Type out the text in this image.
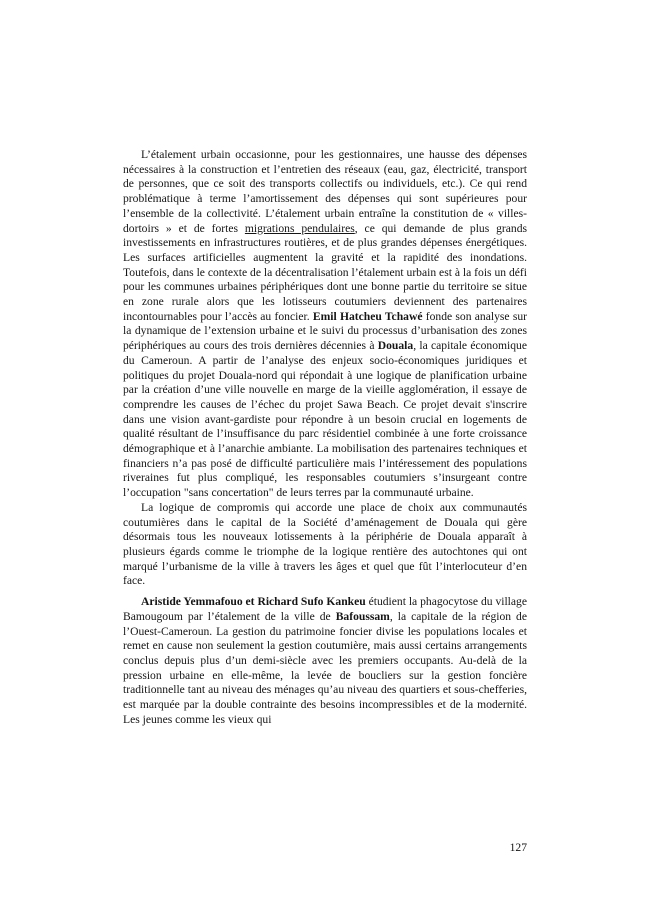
L’étalement urbain occasionne, pour les gestionnaires, une hausse des dépenses nécessaires à la construction et l’entretien des réseaux (eau, gaz, électricité, transport de personnes, que ce soit des transports collectifs ou individuels, etc.). Ce qui rend problématique à terme l’amortissement des dépenses qui sont supérieures pour l’ensemble de la collectivité. L’étalement urbain entraîne la constitution de « villes-dortoirs » et de fortes migrations pendulaires, ce qui demande de plus grands investissements en infrastructures routières, et de plus grandes dépenses énergétiques. Les surfaces artificielles augmentent la gravité et la rapidité des inondations. Toutefois, dans le contexte de la décentralisation l’étalement urbain est à la fois un défi pour les communes urbaines périphériques dont une bonne partie du territoire se situe en zone rurale alors que les lotisseurs coutumiers deviennent des partenaires incontournables pour l’accès au foncier. Emil Hatcheu Tchawé fonde son analyse sur la dynamique de l’extension urbaine et le suivi du processus d’urbanisation des zones périphériques au cours des trois dernières décennies à Douala, la capitale économique du Cameroun. A partir de l’analyse des enjeux socio-économiques juridiques et politiques du projet Douala-nord qui répondait à une logique de planification urbaine par la création d’une ville nouvelle en marge de la vieille agglomération, il essaye de comprendre les causes de l’échec du projet Sawa Beach. Ce projet devait s'inscrire dans une vision avant-gardiste pour répondre à un besoin crucial en logements de qualité résultant de l’insuffisance du parc résidentiel combinée à une forte croissance démographique et à l’anarchie ambiante. La mobilisation des partenaires techniques et financiers n’a pas posé de difficulté particulière mais l’intéressement des populations riveraines fut plus compliqué, les responsables coutumiers s’insurgeant contre l’occupation "sans concertation" de leurs terres par la communauté urbaine.

La logique de compromis qui accorde une place de choix aux communautés coutumières dans le capital de la Société d’aménagement de Douala qui gère désormais tous les nouveaux lotissements à la périphérie de Douala apparaît à plusieurs égards comme le triomphe de la logique rentière des autochtones qui ont marqué l’urbanisme de la ville à travers les âges et quel que fût l’interlocuteur d’en face.

Aristide Yemmafouo et Richard Sufo Kankeu étudient la phagocytose du village Bamougoum par l’étalement de la ville de Bafoussam, la capitale de la région de l’Ouest-Cameroun. La gestion du patrimoine foncier divise les populations locales et remet en cause non seulement la gestion coutumière, mais aussi certains arrangements conclus depuis plus d’un demi-siècle avec les premiers occupants. Au-delà de la pression urbaine en elle-même, la levée de boucliers sur la gestion foncière traditionnelle tant au niveau des ménages qu’au niveau des quartiers et sous-chefferies, est marquée par la double contrainte des besoins incompressibles et de la modernité. Les jeunes comme les vieux qui

127
